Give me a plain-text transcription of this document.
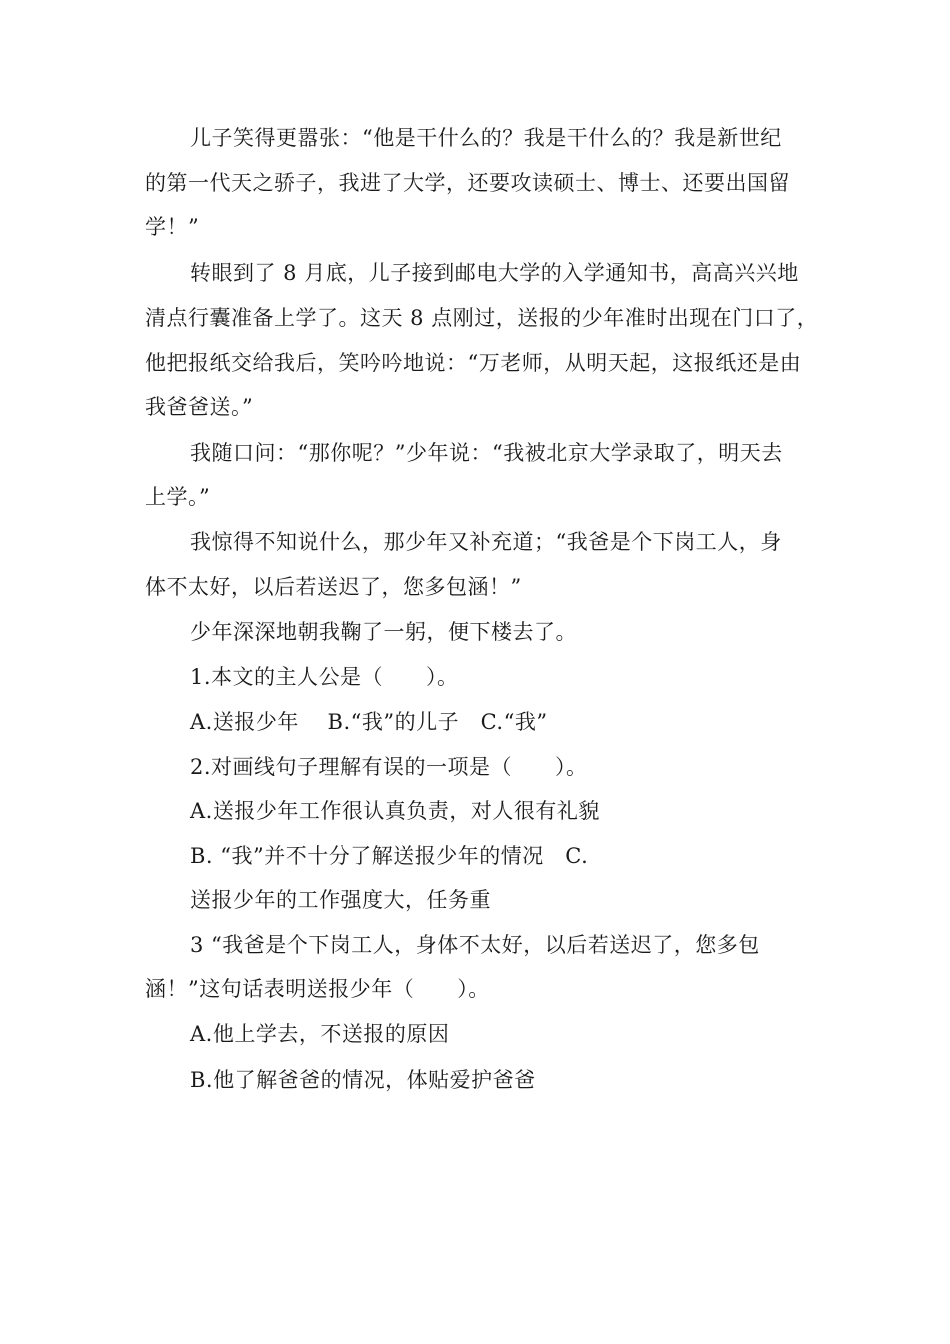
儿子笑得更嚣张：“他是干什么的？我是干什么的？我是新世纪
的第一代天之骄子，我进了大学，还要攻读硕士、博士、还要出国留
学！”
转眼到了 8 月底，儿子接到邮电大学的入学通知书，高高兴兴地
清点行囊准备上学了。这天 8 点刚过，送报的少年准时出现在门口了，
他把报纸交给我后，笑吟吟地说：“万老师，从明天起，这报纸还是由
我爸爸送。”
我随口问：“那你呢？”少年说：“我被北京大学录取了，明天去
上学。”
我惊得不知说什么，那少年又补充道；“我爸是个下岗工人，身
体不太好，以后若送迟了，您多包涵！”
少年深深地朝我鞠了一躬，便下楼去了。
1.本文的主人公是（　　）。
A.送报少年　 B.“我”的儿子　C.“我”
2.对画线句子理解有误的一项是（　　）。
A.送报少年工作很认真负责，对人很有礼貌
B. “我”并不十分了解送报少年的情况　C.
送报少年的工作强度大，任务重
3 “我爸是个下岗工人，身体不太好，以后若送迟了，您多包
涵！”这句话表明送报少年（　　）。
A.他上学去，不送报的原因
B.他了解爸爸的情况，体贴爱护爸爸
